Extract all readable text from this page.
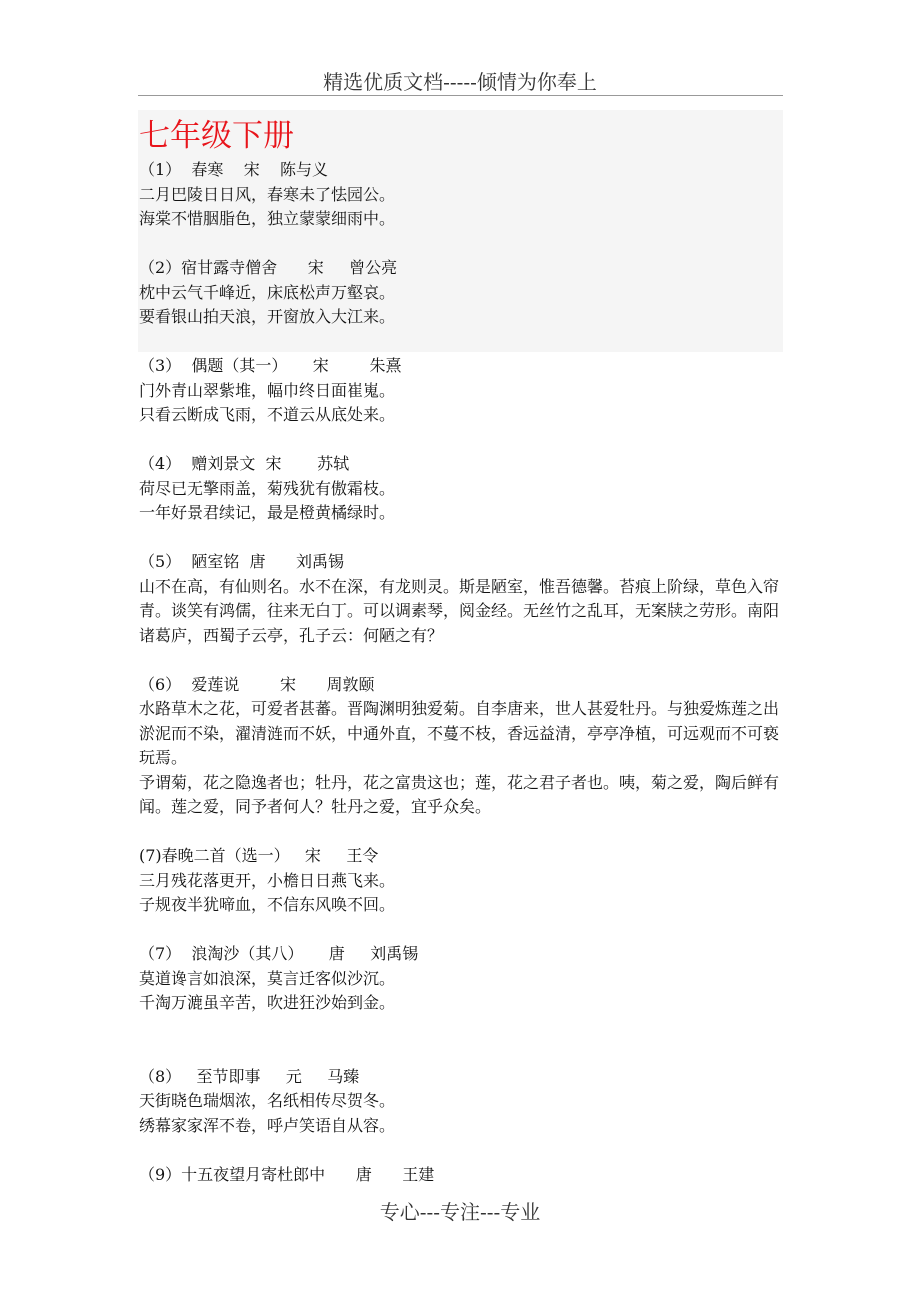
精选优质文档-----倾情为你奉上
七年级下册
（1）  春寒    宋    陈与义
二月巴陵日日风，春寒未了怯园公。
海棠不惜胭脂色，独立蒙蒙细雨中。
（2）宿甘露寺僧舍      宋     曾公亮
枕中云气千峰近，床底松声万壑哀。
要看银山拍天浪，开窗放入大江来。
（3）  偶题（其一）     宋        朱熹
门外青山翠紫堆，幅巾终日面崔嵬。
只看云断成飞雨，不道云从底处来。
（4）  赠刘景文  宋       苏轼
荷尽已无擎雨盖，菊残犹有傲霜枝。
一年好景君续记，最是橙黄橘绿时。
（5）  陋室铭  唐      刘禹锡
山不在高，有仙则名。水不在深，有龙则灵。斯是陋室，惟吾德馨。苔痕上阶绿，草色入帘青。谈笑有鸿儒，往来无白丁。可以调素琴，阅金经。无丝竹之乱耳，无案牍之劳形。南阳诸葛庐，西蜀子云亭，孔子云：何陋之有？
（6）  爱莲说        宋      周敦颐
水路草木之花，可爱者甚蕃。晋陶渊明独爱菊。自李唐来，世人甚爱牡丹。与独爱炼莲之出淤泥而不染，濯清涟而不妖，中通外直，不蔓不枝，香远益清，亭亭净植，可远观而不可亵玩焉。
予谓菊，花之隐逸者也；牡丹，花之富贵这也；莲，花之君子者也。咦，菊之爱，陶后鲜有闻。莲之爱，同予者何人？牡丹之爱，宜乎众矣。
(7)春晚二首（选一）   宋     王令
三月残花落更开，小檐日日燕飞来。
子规夜半犹啼血，不信东风唤不回。
（7）  浪淘沙（其八）     唐     刘禹锡
莫道谗言如浪深，莫言迁客似沙沉。
千淘万漉虽辛苦，吹进狂沙始到金。
（8）   至节即事     元     马臻
天街晓色瑞烟浓，名纸相传尽贺冬。
绣幕家家浑不卷，呼卢笑语自从容。
（9）十五夜望月寄杜郎中      唐      王建
专心---专注---专业
